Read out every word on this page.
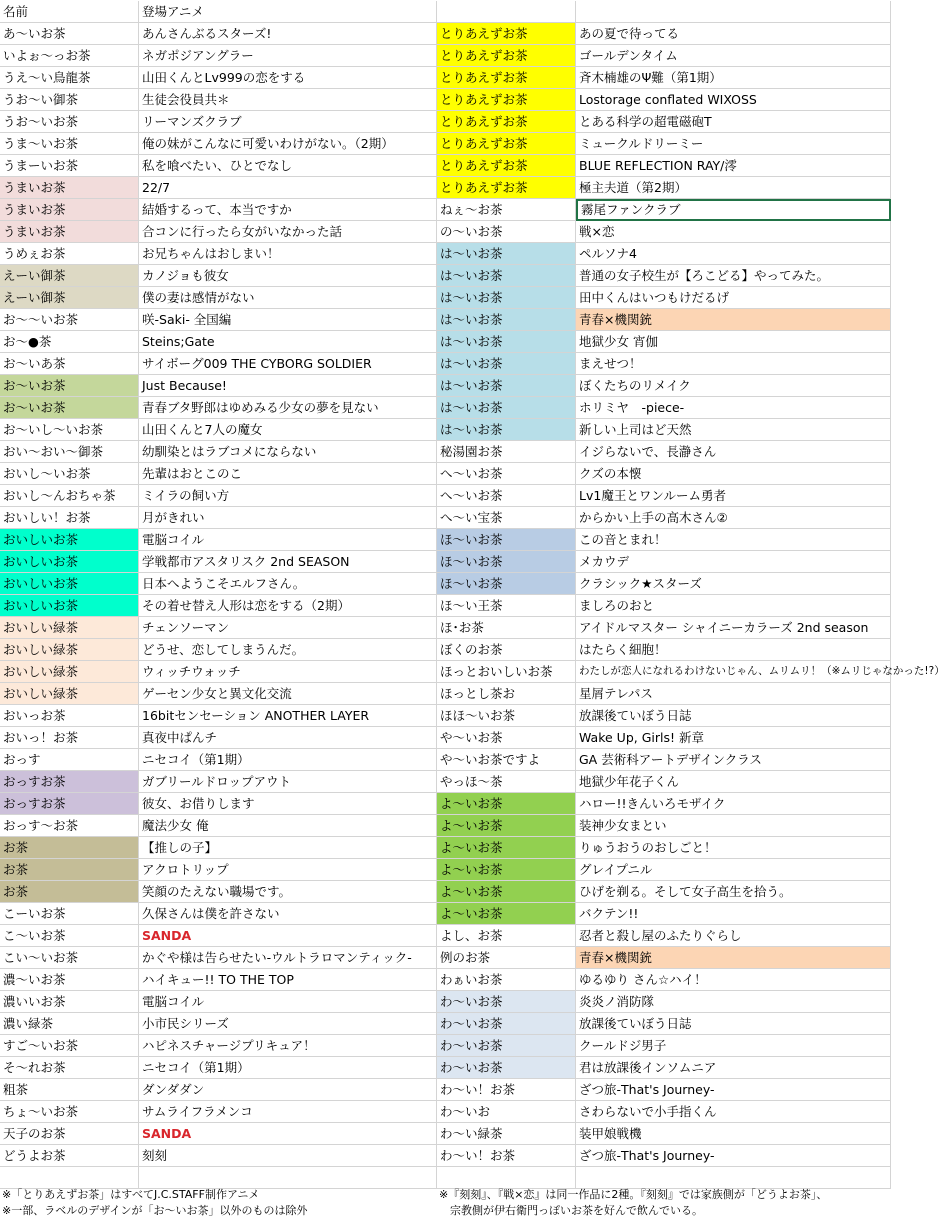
名前	登場アニメ
あ～いお茶	あんさんぶるスターズ!	とりあえずお茶	あの夏で待ってる
いよぉ～っお茶	ネガポジアングラー	とりあえずお茶	ゴールデンタイム
うえ～い鳥龍茶	山田くんとLv999の恋をする	とりあえずお茶	斉木楠雄のΨ難（第1期）
うお～い御茶	生徒会役員共＊	とりあえずお茶	Lostorage conflated WIXOSS
うお～いお茶	リーマンズクラブ	とりあえずお茶	とある科学の超電磁砲T
うま～いお茶	俺の妹がこんなに可愛いわけがない。（2期）	とりあえずお茶	ミュークルドリーミー
うまーいお茶	私を喰べたい、ひとでなし	とりあえずお茶	BLUE REFLECTION RAY/澪
うまいお茶	22/7	とりあえずお茶	極主夫道（第2期）
うまいお茶	結婚するって、本当ですか	ねぇ～お茶	霧尾ファンクラブ
うまいお茶	合コンに行ったら女がいなかった話	の～いお茶	戦×恋
うめぇお茶	お兄ちゃんはおしまい！	は～いお茶	ペルソナ4
えーい御茶	カノジョも彼女	は～いお茶	普通の女子校生が【ろこどる】やってみた。
えーい御茶	僕の妻は感情がない	は～いお茶	田中くんはいつもけだるげ
お～～いお茶	咲-Saki- 全国編	は～いお茶	青春×機関銃
お～●茶	Steins;Gate	は～いお茶	地獄少女 宵伽
お～いあ茶	サイボーグ009 THE CYBORG SOLDIER	は～いお茶	まえせつ！
お～いお茶	Just Because!	は～いお茶	ぼくたちのリメイク
お～いお茶	青春ブタ野郎はゆめみる少女の夢を見ない	は～いお茶	ホリミヤ　-piece-
お～いし～いお茶	山田くんと7人の魔女	は～いお茶	新しい上司はど天然
おい～おい～御茶	幼馴染とはラブコメにならない	秘湯園お茶	イジらないで、長瀞さん
おいし～いお茶	先輩はおとこのこ	へ～いお茶	クズの本懐
おいし～んおちゃ茶	ミイラの飼い方	へ～いお茶	Lv1魔王とワンルーム勇者
おいしい！お茶	月がきれい	へ～い宝茶	からかい上手の高木さん②
おいしいお茶	電脳コイル	ほ～いお茶	この音とまれ！
おいしいお茶	学戦都市アスタリスク 2nd SEASON	ほ～いお茶	メカウデ
おいしいお茶	日本へようこそエルフさん。	ほ～いお茶	クラシック★スターズ
おいしいお茶	その着せ替え人形は恋をする（2期）	ほ～い王茶	ましろのおと
おいしい緑茶	チェンソーマン	ほ･お茶	アイドルマスター シャイニーカラーズ 2nd season
おいしい緑茶	どうせ、恋してしまうんだ。	ぼくのお茶	はたらく細胞！
おいしい緑茶	ウィッチウォッチ	ほっとおいしいお茶	わたしが恋人になれるわけないじゃん、ムリムリ！（※ムリじゃなかった!?）
おいしい緑茶	ゲーセン少女と異文化交流	ほっとし茶お	星屑テレパス
おいっお茶	16bitセンセーション ANOTHER LAYER	ほほ～いお茶	放課後ていぼう日誌
おいっ！お茶	真夜中ぱんチ	や～いお茶	Wake Up, Girls! 新章
おっす	ニセコイ（第1期）	や～いお茶ですよ	GA 芸術科アートデザインクラス
おっすお茶	ガブリールドロップアウト	やっほ～茶	地獄少年花子くん
おっすお茶	彼女、お借りします	よ～いお茶	ハロー!!きんいろモザイク
おっす～お茶	魔法少女 俺	よ～いお茶	装神少女まとい
お茶	【推しの子】	よ～いお茶	りゅうおうのおしごと！
お茶	アクロトリップ	よ～いお茶	グレイプニル
お茶	笑顔のたえない職場です。	よ～いお茶	ひげを剃る。そして女子高生を拾う。
こーいお茶	久保さんは僕を許さない	よ～いお茶	バクテン!!
こ～いお茶	SANDA	よし、お茶	忍者と殺し屋のふたりぐらし
こい～いお茶	かぐや様は告らせたい-ウルトラロマンティック-	例のお茶	青春×機関銃
濃～いお茶	ハイキュー!! TO THE TOP	わぁいお茶	ゆるゆり さん☆ハイ！
濃いいお茶	電脳コイル	わ～いお茶	炎炎ノ消防隊
濃い緑茶	小市民シリーズ	わ～いお茶	放課後ていぼう日誌
すご～いお茶	ハピネスチャージプリキュア！	わ～いお茶	クールドジ男子
そ～れお茶	ニセコイ（第1期）	わ～いお茶	君は放課後インソムニア
粗茶	ダンダダン	わ～い！お茶	ざつ旅-That's Journey-
ちょ～いお茶	サムライフラメンコ	わ～いお	さわらないで小手指くん
天子のお茶	SANDA	わ～い緑茶	装甲娘戦機
どうよお茶	刻刻	わ～い！お茶	ざつ旅-That's Journey-
※「とりあえずお茶」はすべてJ.C.STAFF制作アニメ
※一部、ラベルのデザインが「お～いお茶」以外のものは除外
※『刻刻』、『戦×恋』は同一作品に2種。『刻刻』では家族側が「どうよお茶」、
　宗教側が伊右衛門っぽいお茶を好んで飲んでいる。
